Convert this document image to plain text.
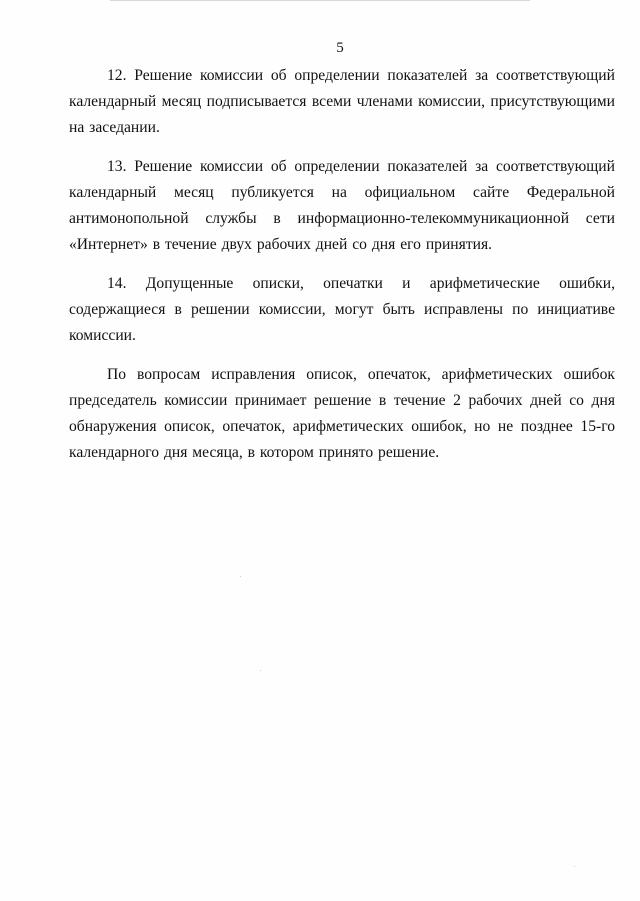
5

12. Решение комиссии об определении показателей за соответствующий календарный месяц подписывается всеми членами комиссии, присутствующими на заседании.

13. Решение комиссии об определении показателей за соответствующий календарный месяц публикуется на официальном сайте Федеральной антимонопольной службы в информационно-телекоммуникационной сети «Интернет» в течение двух рабочих дней со дня его принятия.

14. Допущенные описки, опечатки и арифметические ошибки, содержащиеся в решении комиссии, могут быть исправлены по инициативе комиссии.

По вопросам исправления описок, опечаток, арифметических ошибок председатель комиссии принимает решение в течение 2 рабочих дней со дня обнаружения описок, опечаток, арифметических ошибок, но не позднее 15-го календарного дня месяца, в котором принято решение.
